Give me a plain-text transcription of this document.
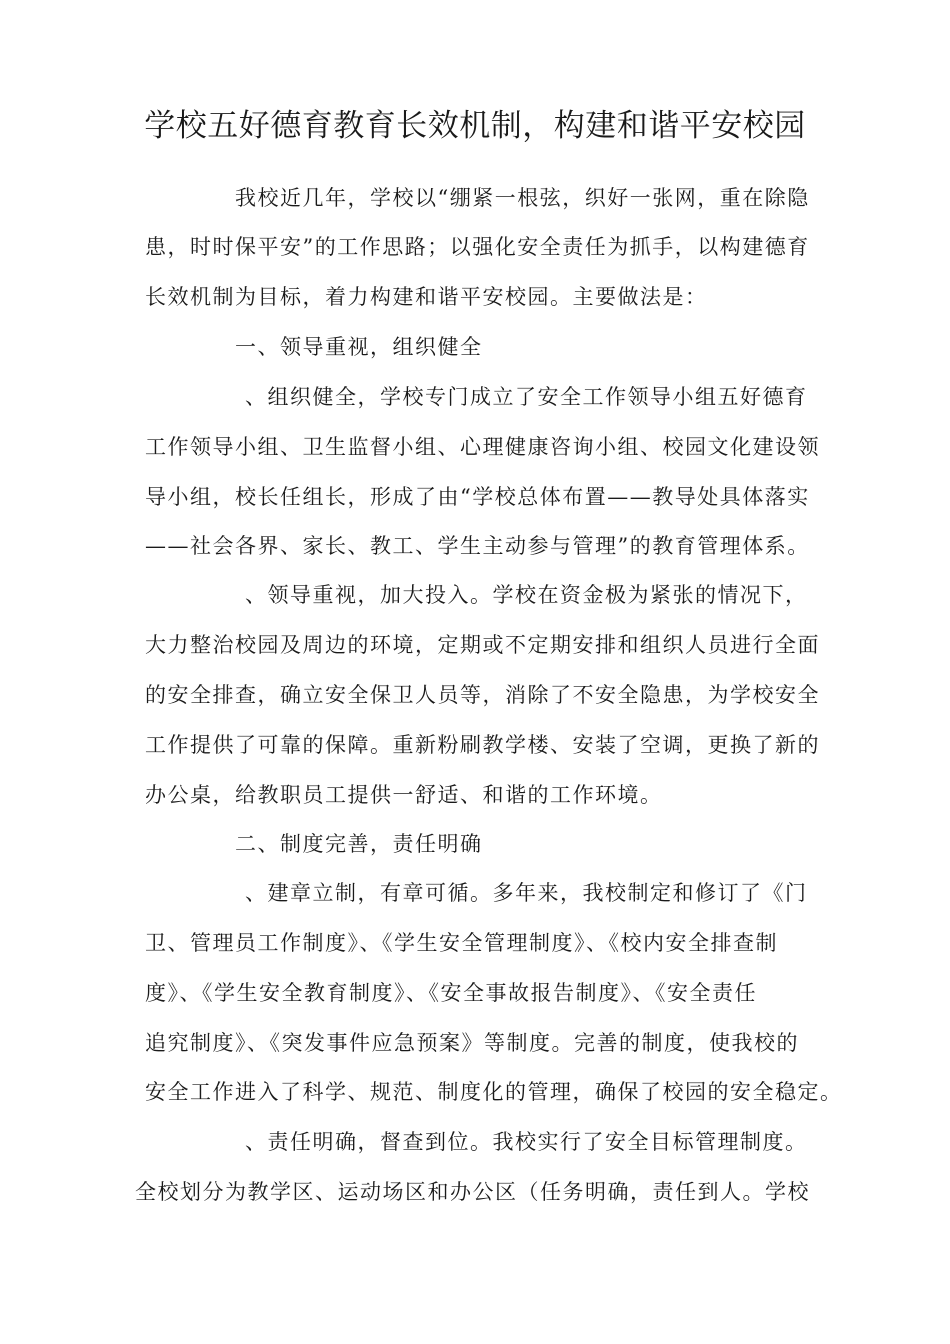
学校五好德育教育长效机制，构建和谐平安校园
我校近几年，学校以“绷紧一根弦，织好一张网，重在除隐
患，时时保平安”的工作思路；以强化安全责任为抓手，以构建德育
长效机制为目标，着力构建和谐平安校园。主要做法是：
一、领导重视，组织健全
、组织健全，学校专门成立了安全工作领导小组五好德育
工作领导小组、卫生监督小组、心理健康咨询小组、校园文化建设领
导小组，校长任组长，形成了由“学校总体布置——教导处具体落实
——社会各界、家长、教工、学生主动参与管理”的教育管理体系。
、领导重视，加大投入。学校在资金极为紧张的情况下，
大力整治校园及周边的环境，定期或不定期安排和组织人员进行全面
的安全排查，确立安全保卫人员等，消除了不安全隐患，为学校安全
工作提供了可靠的保障。重新粉刷教学楼、安装了空调，更换了新的
办公桌，给教职员工提供一舒适、和谐的工作环境。
二、制度完善，责任明确
、建章立制，有章可循。多年来，我校制定和修订了《门
卫、管理员工作制度》、《学生安全管理制度》、《校内安全排查制
度》、《学生安全教育制度》、《安全事故报告制度》、《安全责任
追究制度》、《突发事件应急预案》等制度。完善的制度，使我校的
安全工作进入了科学、规范、制度化的管理，确保了校园的安全稳定。
、责任明确，督查到位。我校实行了安全目标管理制度。
全校划分为教学区、运动场区和办公区（任务明确，责任到人。学校
